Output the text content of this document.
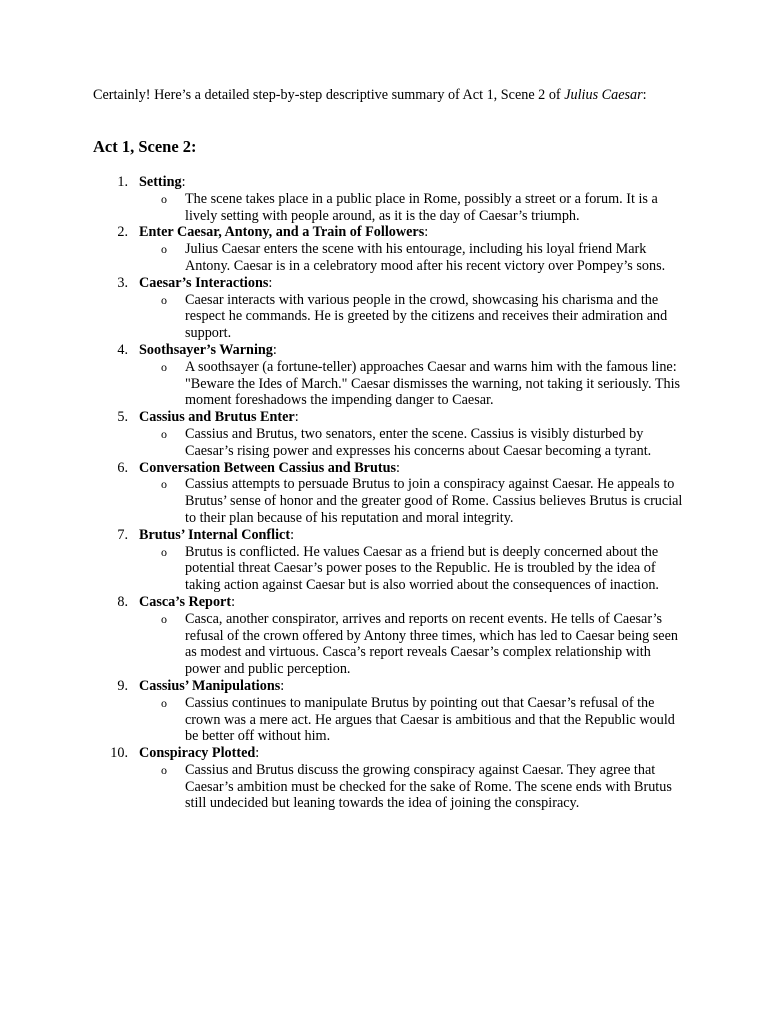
Certainly! Here’s a detailed step-by-step descriptive summary of Act 1, Scene 2 of Julius Caesar:

Act 1, Scene 2:
1. Setting:
o The scene takes place in a public place in Rome, possibly a street or a forum. It is a lively setting with people around, as it is the day of Caesar’s triumph.
2. Enter Caesar, Antony, and a Train of Followers:
o Julius Caesar enters the scene with his entourage, including his loyal friend Mark Antony. Caesar is in a celebratory mood after his recent victory over Pompey’s sons.
3. Caesar’s Interactions:
o Caesar interacts with various people in the crowd, showcasing his charisma and the respect he commands. He is greeted by the citizens and receives their admiration and support.
4. Soothsayer’s Warning:
o A soothsayer (a fortune-teller) approaches Caesar and warns him with the famous line: "Beware the Ides of March." Caesar dismisses the warning, not taking it seriously. This moment foreshadows the impending danger to Caesar.
5. Cassius and Brutus Enter:
o Cassius and Brutus, two senators, enter the scene. Cassius is visibly disturbed by Caesar’s rising power and expresses his concerns about Caesar becoming a tyrant.
6. Conversation Between Cassius and Brutus:
o Cassius attempts to persuade Brutus to join a conspiracy against Caesar. He appeals to Brutus’ sense of honor and the greater good of Rome. Cassius believes Brutus is crucial to their plan because of his reputation and moral integrity.
7. Brutus’ Internal Conflict:
o Brutus is conflicted. He values Caesar as a friend but is deeply concerned about the potential threat Caesar’s power poses to the Republic. He is troubled by the idea of taking action against Caesar but is also worried about the consequences of inaction.
8. Casca’s Report:
o Casca, another conspirator, arrives and reports on recent events. He tells of Caesar’s refusal of the crown offered by Antony three times, which has led to Caesar being seen as modest and virtuous. Casca’s report reveals Caesar’s complex relationship with power and public perception.
9. Cassius’ Manipulations:
o Cassius continues to manipulate Brutus by pointing out that Caesar’s refusal of the crown was a mere act. He argues that Caesar is ambitious and that the Republic would be better off without him.
10. Conspiracy Plotted:
o Cassius and Brutus discuss the growing conspiracy against Caesar. They agree that Caesar’s ambition must be checked for the sake of Rome. The scene ends with Brutus still undecided but leaning towards the idea of joining the conspiracy.
